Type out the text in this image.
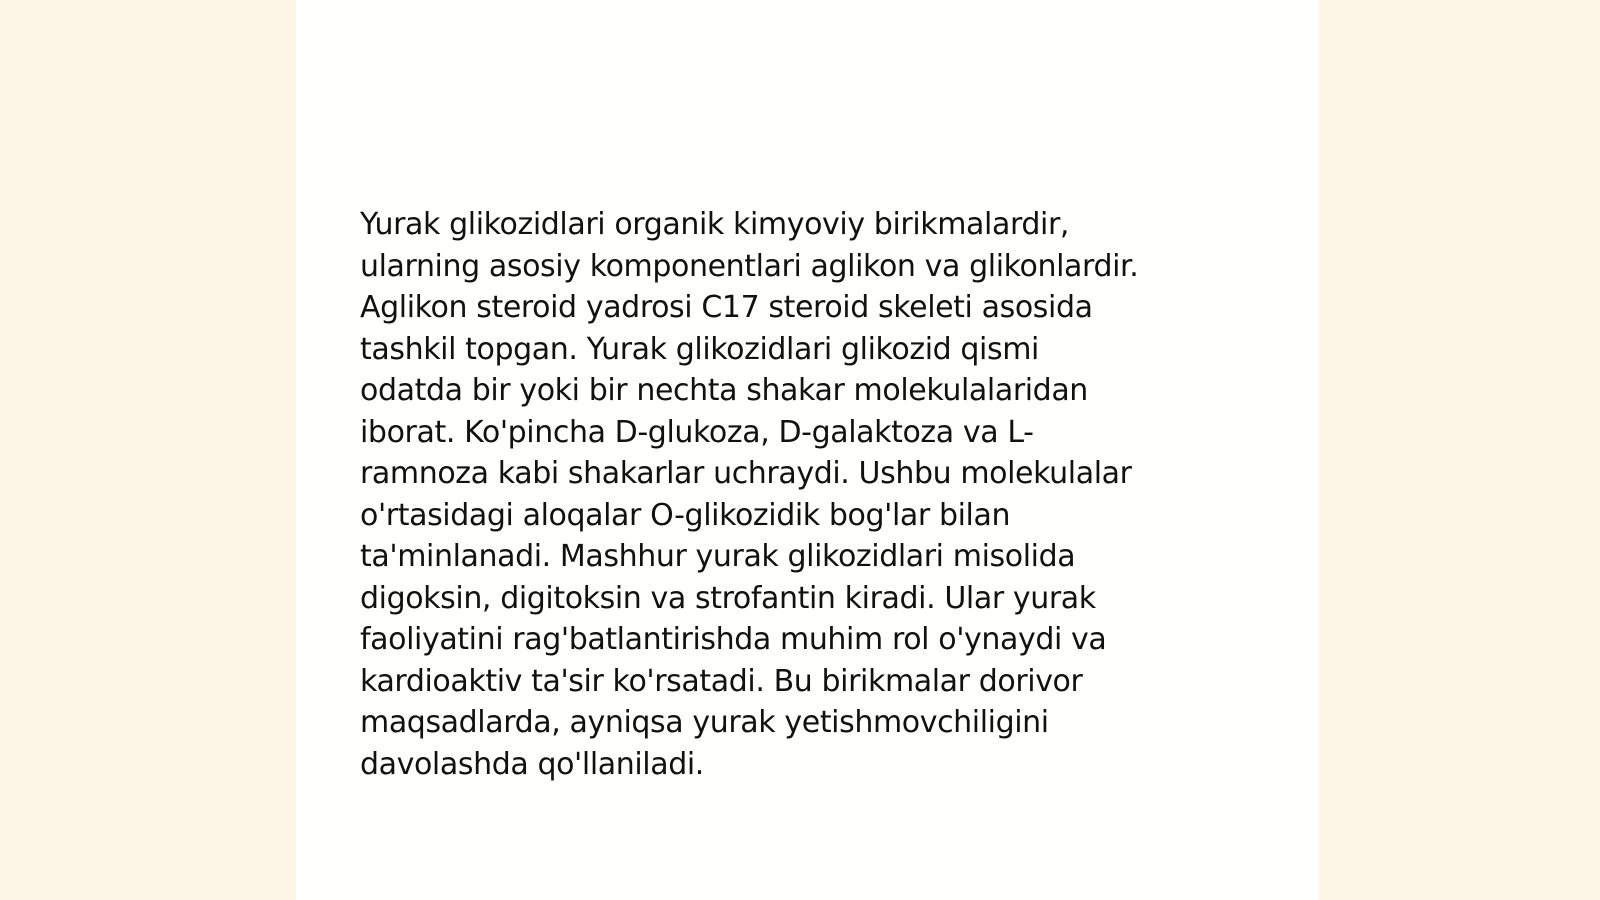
Yurak glikozidlari organik kimyoviy birikmalardir,
ularning asosiy komponentlari aglikon va glikonlardir.
Aglikon steroid yadrosi C17 steroid skeleti asosida
tashkil topgan. Yurak glikozidlari glikozid qismi
odatda bir yoki bir nechta shakar molekulalaridan
iborat. Ko'pincha D-glukoza, D-galaktoza va L-
ramnoza kabi shakarlar uchraydi. Ushbu molekulalar
o'rtasidagi aloqalar O-glikozidik bog'lar bilan
ta'minlanadi. Mashhur yurak glikozidlari misolida
digoksin, digitoksin va strofantin kiradi. Ular yurak
faoliyatini rag'batlantirishda muhim rol o'ynaydi va
kardioaktiv ta'sir ko'rsatadi. Bu birikmalar dorivor
maqsadlarda, ayniqsa yurak yetishmovchiligini
davolashda qo'llaniladi.
